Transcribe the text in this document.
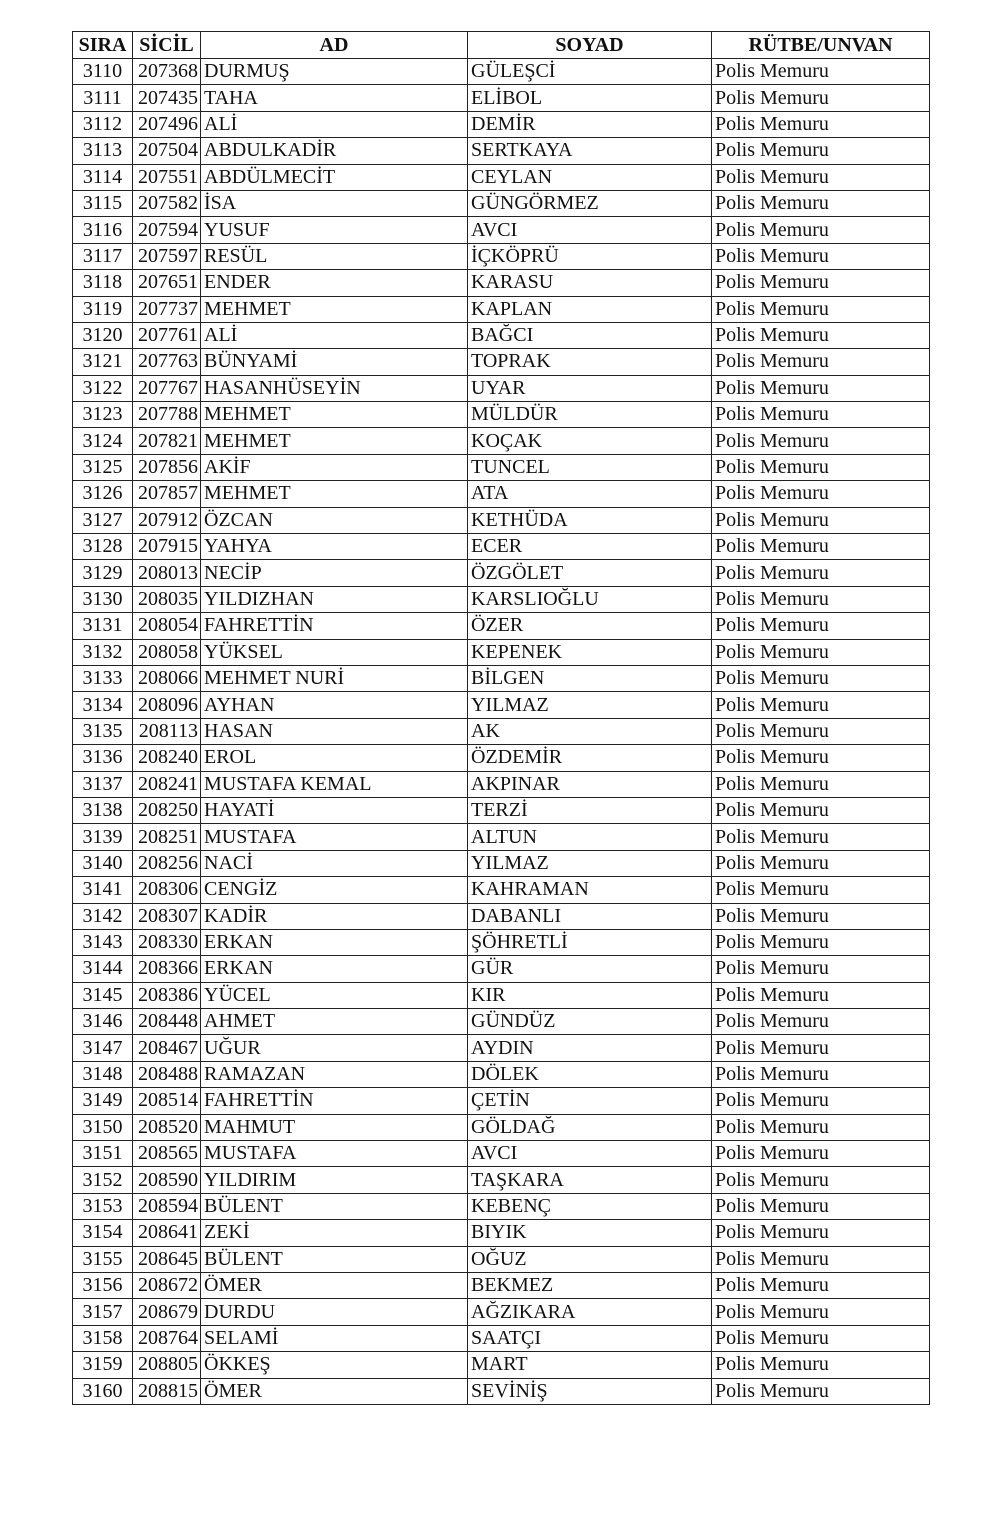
SIRA	SİCİL	AD	SOYAD	RÜTBE/UNVAN
3110	207368	DURMUŞ	GÜLEŞCİ	Polis Memuru
3111	207435	TAHA	ELİBOL	Polis Memuru
3112	207496	ALİ	DEMİR	Polis Memuru
3113	207504	ABDULKADİR	SERTKAYA	Polis Memuru
3114	207551	ABDÜLMECİT	CEYLAN	Polis Memuru
3115	207582	İSA	GÜNGÖRMEZ	Polis Memuru
3116	207594	YUSUF	AVCI	Polis Memuru
3117	207597	RESÜL	İÇKÖPRÜ	Polis Memuru
3118	207651	ENDER	KARASU	Polis Memuru
3119	207737	MEHMET	KAPLAN	Polis Memuru
3120	207761	ALİ	BAĞCI	Polis Memuru
3121	207763	BÜNYAMİ	TOPRAK	Polis Memuru
3122	207767	HASANHÜSEYİN	UYAR	Polis Memuru
3123	207788	MEHMET	MÜLDÜR	Polis Memuru
3124	207821	MEHMET	KOÇAK	Polis Memuru
3125	207856	AKİF	TUNCEL	Polis Memuru
3126	207857	MEHMET	ATA	Polis Memuru
3127	207912	ÖZCAN	KETHÜDA	Polis Memuru
3128	207915	YAHYA	ECER	Polis Memuru
3129	208013	NECİP	ÖZGÖLET	Polis Memuru
3130	208035	YILDIZHAN	KARSLIOĞLU	Polis Memuru
3131	208054	FAHRETTİN	ÖZER	Polis Memuru
3132	208058	YÜKSEL	KEPENEK	Polis Memuru
3133	208066	MEHMET NURİ	BİLGEN	Polis Memuru
3134	208096	AYHAN	YILMAZ	Polis Memuru
3135	208113	HASAN	AK	Polis Memuru
3136	208240	EROL	ÖZDEMİR	Polis Memuru
3137	208241	MUSTAFA KEMAL	AKPINAR	Polis Memuru
3138	208250	HAYATİ	TERZİ	Polis Memuru
3139	208251	MUSTAFA	ALTUN	Polis Memuru
3140	208256	NACİ	YILMAZ	Polis Memuru
3141	208306	CENGİZ	KAHRAMAN	Polis Memuru
3142	208307	KADİR	DABANLI	Polis Memuru
3143	208330	ERKAN	ŞÖHRETLİ	Polis Memuru
3144	208366	ERKAN	GÜR	Polis Memuru
3145	208386	YÜCEL	KIR	Polis Memuru
3146	208448	AHMET	GÜNDÜZ	Polis Memuru
3147	208467	UĞUR	AYDIN	Polis Memuru
3148	208488	RAMAZAN	DÖLEK	Polis Memuru
3149	208514	FAHRETTİN	ÇETİN	Polis Memuru
3150	208520	MAHMUT	GÖLDAĞ	Polis Memuru
3151	208565	MUSTAFA	AVCI	Polis Memuru
3152	208590	YILDIRIM	TAŞKARA	Polis Memuru
3153	208594	BÜLENT	KEBENÇ	Polis Memuru
3154	208641	ZEKİ	BIYIK	Polis Memuru
3155	208645	BÜLENT	OĞUZ	Polis Memuru
3156	208672	ÖMER	BEKMEZ	Polis Memuru
3157	208679	DURDU	AĞZIKARA	Polis Memuru
3158	208764	SELAMİ	SAATÇI	Polis Memuru
3159	208805	ÖKKEŞ	MART	Polis Memuru
3160	208815	ÖMER	SEVİNİŞ	Polis Memuru
